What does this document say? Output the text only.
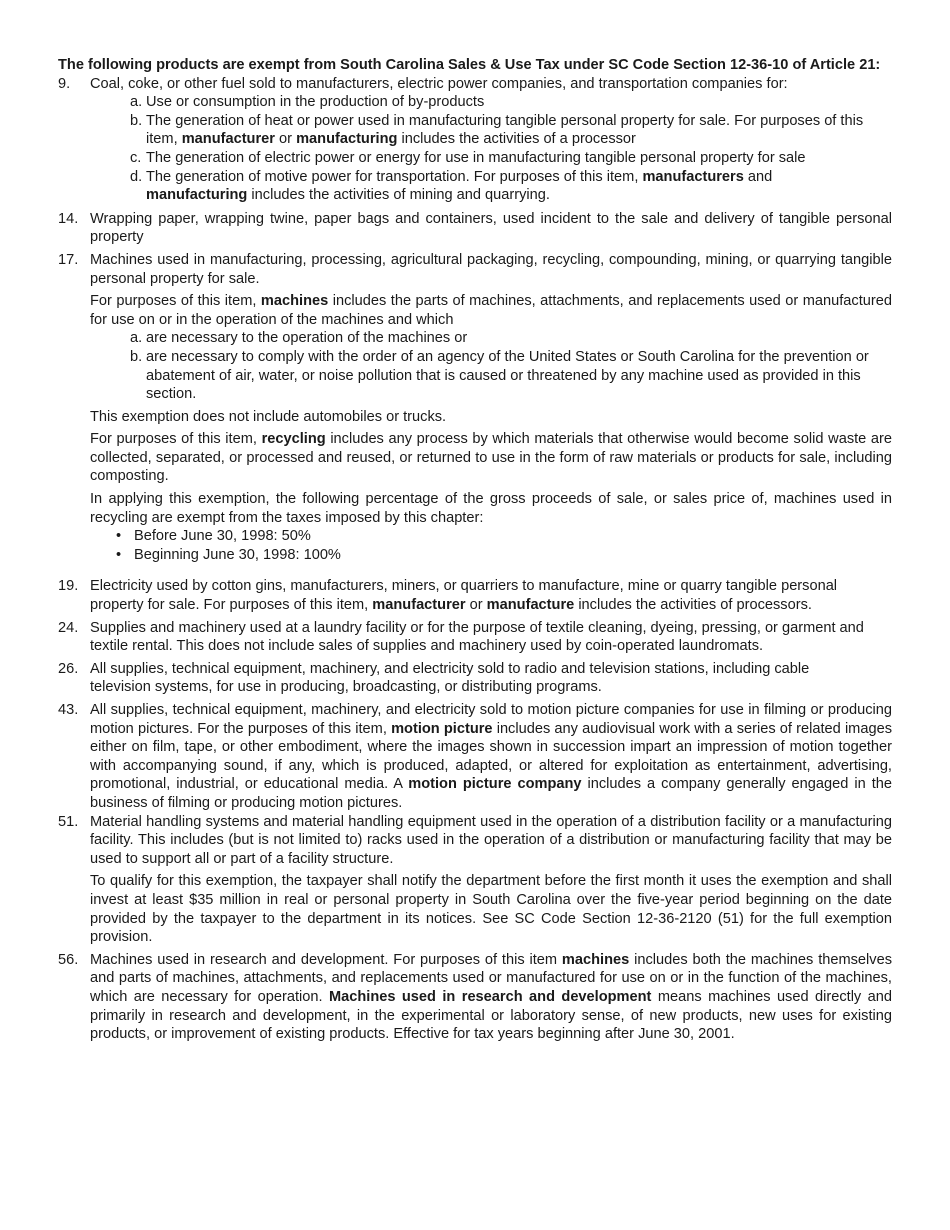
The following products are exempt from South Carolina Sales & Use Tax under SC Code Section 12-36-10 of Article 21:
9.	Coal, coke, or other fuel sold to manufacturers, electric power companies, and transportation companies for:
a. Use or consumption in the production of by-products
b. The generation of heat or power used in manufacturing tangible personal property for sale. For purposes of this item, manufacturer or manufacturing includes the activities of a processor
c. The generation of electric power or energy for use in manufacturing tangible personal property for sale
d. The generation of motive power for transportation. For purposes of this item, manufacturers and
manufacturing includes the activities of mining and quarrying.
14. Wrapping paper, wrapping twine, paper bags and containers, used incident to the sale and delivery of tangible personal property
17. Machines used in manufacturing, processing, agricultural packaging, recycling, compounding, mining, or quarrying tangible personal property for sale.
For purposes of this item, machines includes the parts of machines, attachments, and replacements used or manufactured for use on or in the operation of the machines and which
a. are necessary to the operation of the machines or
b. are necessary to comply with the order of an agency of the United States or South Carolina for the prevention or abatement of air, water, or noise pollution that is caused or threatened by any machine used as provided in this section.
This exemption does not include automobiles or trucks.
For purposes of this item, recycling includes any process by which materials that otherwise would become solid waste are collected, separated, or processed and reused, or returned to use in the form of raw materials or products for sale, including composting.
In applying this exemption, the following percentage of the gross proceeds of sale, or sales price of, machines used in recycling are exempt from the taxes imposed by this chapter:
• Before June 30, 1998: 50%
• Beginning June 30, 1998: 100%
19. Electricity used by cotton gins, manufacturers, miners, or quarriers to manufacture, mine or quarry tangible personal property for sale. For purposes of this item, manufacturer or manufacture includes the activities of processors.
24. Supplies and machinery used at a laundry facility or for the purpose of textile cleaning, dyeing, pressing, or garment and textile rental. This does not include sales of supplies and machinery used by coin-operated laundromats.
26. All supplies, technical equipment, machinery, and electricity sold to radio and television stations, including cable television systems, for use in producing, broadcasting, or distributing programs.
43. All supplies, technical equipment, machinery, and electricity sold to motion picture companies for use in filming or producing motion pictures. For the purposes of this item, motion picture includes any audiovisual work with a series of related images either on film, tape, or other embodiment, where the images shown in succession impart an impression of motion together with accompanying sound, if any, which is produced, adapted, or altered for exploitation as entertainment, advertising, promotional, industrial, or educational media. A motion picture company includes a company generally engaged in the business of filming or producing motion pictures.
51. Material handling systems and material handling equipment used in the operation of a distribution facility or a manufacturing facility. This includes (but is not limited to) racks used in the operation of a distribution or manufacturing facility that may be used to support all or part of a facility structure.
To qualify for this exemption, the taxpayer shall notify the department before the first month it uses the exemption and shall invest at least $35 million in real or personal property in South Carolina over the five-year period beginning on the date provided by the taxpayer to the department in its notices. See SC Code Section 12-36-2120 (51) for the full exemption provision.
56. Machines used in research and development. For purposes of this item machines includes both the machines themselves and parts of machines, attachments, and replacements used or manufactured for use on or in the function of the machines, which are necessary for operation. Machines used in research and development means machines used directly and primarily in research and development, in the experimental or laboratory sense, of new products, new uses for existing products, or improvement of existing products. Effective for tax years beginning after June 30, 2001.
